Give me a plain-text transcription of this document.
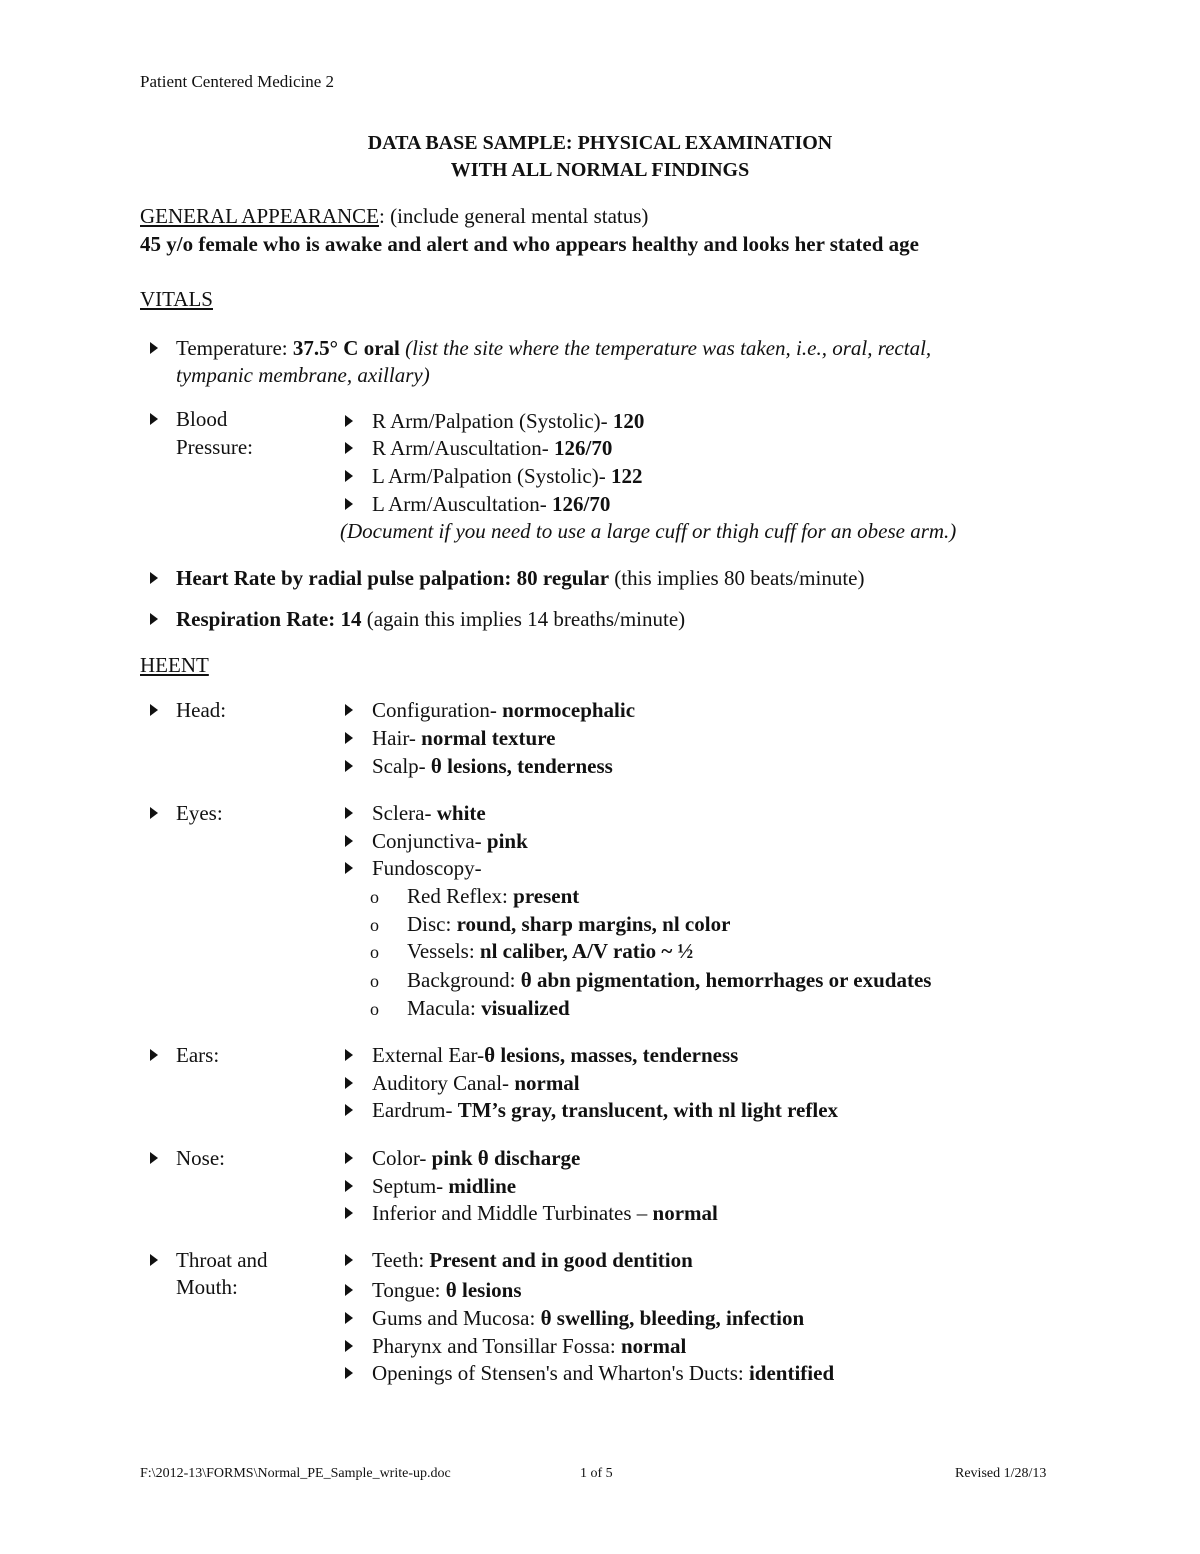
Patient Centered Medicine 2
DATA BASE SAMPLE: PHYSICAL EXAMINATION
WITH ALL NORMAL FINDINGS
GENERAL APPEARANCE: (include general mental status)
45 y/o female who is awake and alert and who appears healthy and looks her stated age
VITALS
Temperature: 37.5° C oral (list the site where the temperature was taken, i.e., oral, rectal,
tympanic membrane, axillary)
Blood
Pressure:
R Arm/Palpation (Systolic)- 120
R Arm/Auscultation- 126/70
L Arm/Palpation (Systolic)- 122
L Arm/Auscultation- 126/70
(Document if you need to use a large cuff or thigh cuff for an obese arm.)
Heart Rate by radial pulse palpation: 80 regular (this implies 80 beats/minute)
Respiration Rate: 14 (again this implies 14 breaths/minute)
HEENT
Head:	Configuration- normocephalic
Hair- normal texture
Scalp- θ lesions, tenderness
Eyes:	Sclera- white
Conjunctiva- pink
Fundoscopy-
o Red Reflex: present
o Disc: round, sharp margins, nl color
o Vessels: nl caliber, A/V ratio ~ ½
o Background: θ abn pigmentation, hemorrhages or exudates
o Macula: visualized
Ears:	External Ear-θ lesions, masses, tenderness
Auditory Canal- normal
Eardrum- TM’s gray, translucent, with nl light reflex
Nose:	Color- pink θ discharge
Septum- midline
Inferior and Middle Turbinates – normal
Throat and
Mouth:
Teeth: Present and in good dentition
Tongue: θ lesions
Gums and Mucosa: θ swelling, bleeding, infection
Pharynx and Tonsillar Fossa: normal
Openings of Stensen's and Wharton's Ducts: identified
F:\2012-13\FORMS\Normal_PE_Sample_write-up.doc	1 of 5	Revised 1/28/13
